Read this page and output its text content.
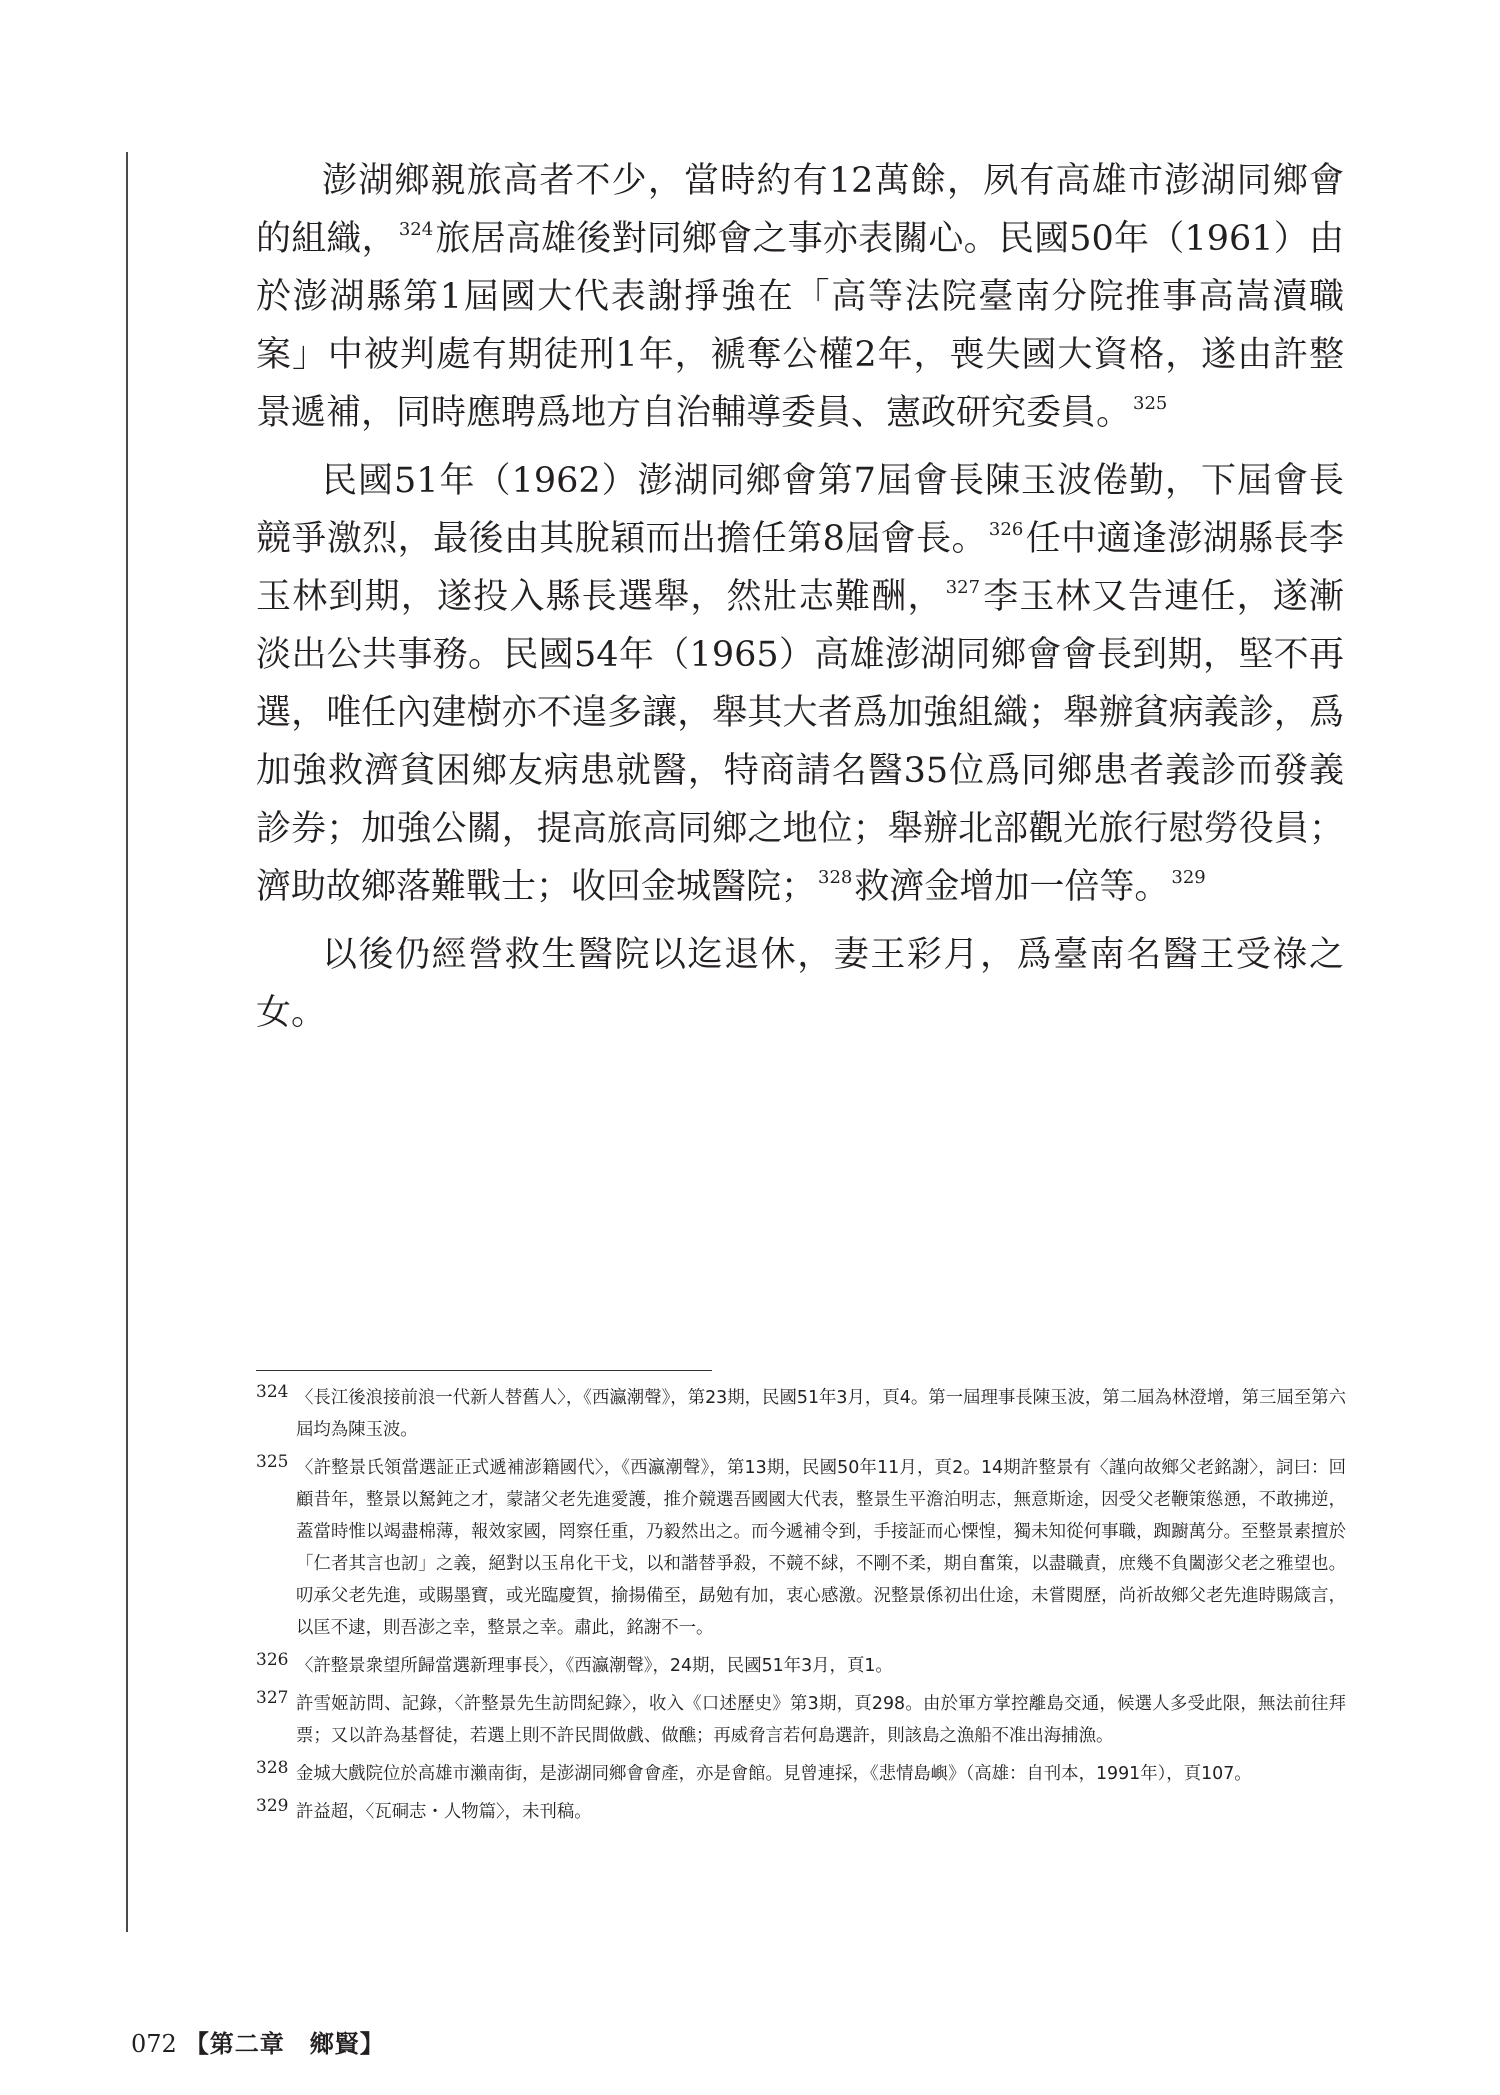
澎湖鄉親旅高者不少，當時約有12萬餘，夙有高雄市澎湖同鄉會的組織， $^{324}$旅居高雄後對同鄉會之事亦表關心。民國50年（1961）由於澎湖縣第1屆國大代表謝掙強在「高等法院臺南分院推事高嵩瀆職案」中被判處有期徒刑1年，褫奪公權2年，喪失國大資格，遂由許整景遞補，同時應聘爲地方自治輔導委員、憲政研究委員。 $^{325}$

民國51年（1962）澎湖同鄉會第7屆會長陳玉波倦勤，下屆會長競爭激烈，最後由其脫穎而出擔任第8屆會長。 $^{326}$任中適逢澎湖縣長李玉林到期，遂投入縣長選舉，然壯志難酬， $^{327}$李玉林又告連任，遂漸淡出公共事務。民國54年（1965）高雄澎湖同鄉會會長到期，堅不再選，唯任內建樹亦不遑多讓，舉其大者爲加強組織；舉辦貧病義診，爲加強救濟貧困鄉友病患就醫，特商請名醫35位爲同鄉患者義診而發義診券；加強公關，提高旅高同鄉之地位；舉辦北部觀光旅行慰勞役員；濟助故鄉落難戰士；收回金城醫院； $^{328}$救濟金增加一倍等。 $^{329}$

以後仍經營救生醫院以迄退休，妻王彩月，爲臺南名醫王受祿之女。

324 〈長江後浪接前浪一代新人替舊人〉，《西瀛潮聲》，第23期，民國51年3月，頁4。第一屆理事長陳玉波，第二屆為林澄增，第三屆至第六屆均為陳玉波。
325 〈許整景氏領當選証正式遞補澎籍國代〉，《西瀛潮聲》，第13期，民國50年11月，頁2。14期許整景有〈謹向故鄉父老銘謝〉，詞曰：回顧昔年，整景以駑鈍之才，蒙諸父老先進愛護，推介競選吾國國大代表，整景生平澹泊明志，無意斯途，因受父老鞭策慫慂，不敢拂逆，蓋當時惟以竭盡棉薄，報效家國，罔察任重，乃毅然出之。而今遞補令到，手接証而心慄惶，獨未知從何事職，踟躕萬分。至整景素擅於「仁者其言也訒」之義，絕對以玉帛化干戈，以和諧替爭殺，不競不絿，不剛不柔，期自奮策，以盡職責，庶幾不負闔澎父老之雅望也。叨承父老先進，或賜墨寶，或光臨慶賀，揄揚備至，勗勉有加，衷心感激。況整景係初出仕途，未嘗閱歷，尚祈故鄉父老先進時賜箴言，以匡不逮，則吾澎之幸，整景之幸。肅此，銘謝不一。
326 〈許整景衆望所歸當選新理事長〉，《西瀛潮聲》，24期，民國51年3月，頁1。
327 許雪姬訪問、記錄，〈許整景先生訪問紀錄〉，收入《口述歷史》第3期，頁298。由於軍方掌控離島交通，候選人多受此限，無法前往拜票；又以許為基督徒，若選上則不許民間做戲、做醮；再威脅言若何島選許，則該島之漁船不准出海捕漁。
328 金城大戲院位於高雄市瀨南街，是澎湖同鄉會會產，亦是會館。見曾連採，《悲情島嶼》（高雄：自刊本，1991年），頁107。
329 許益超，〈瓦硐志・人物篇〉，未刊稿。
072 【第二章　鄉賢】
